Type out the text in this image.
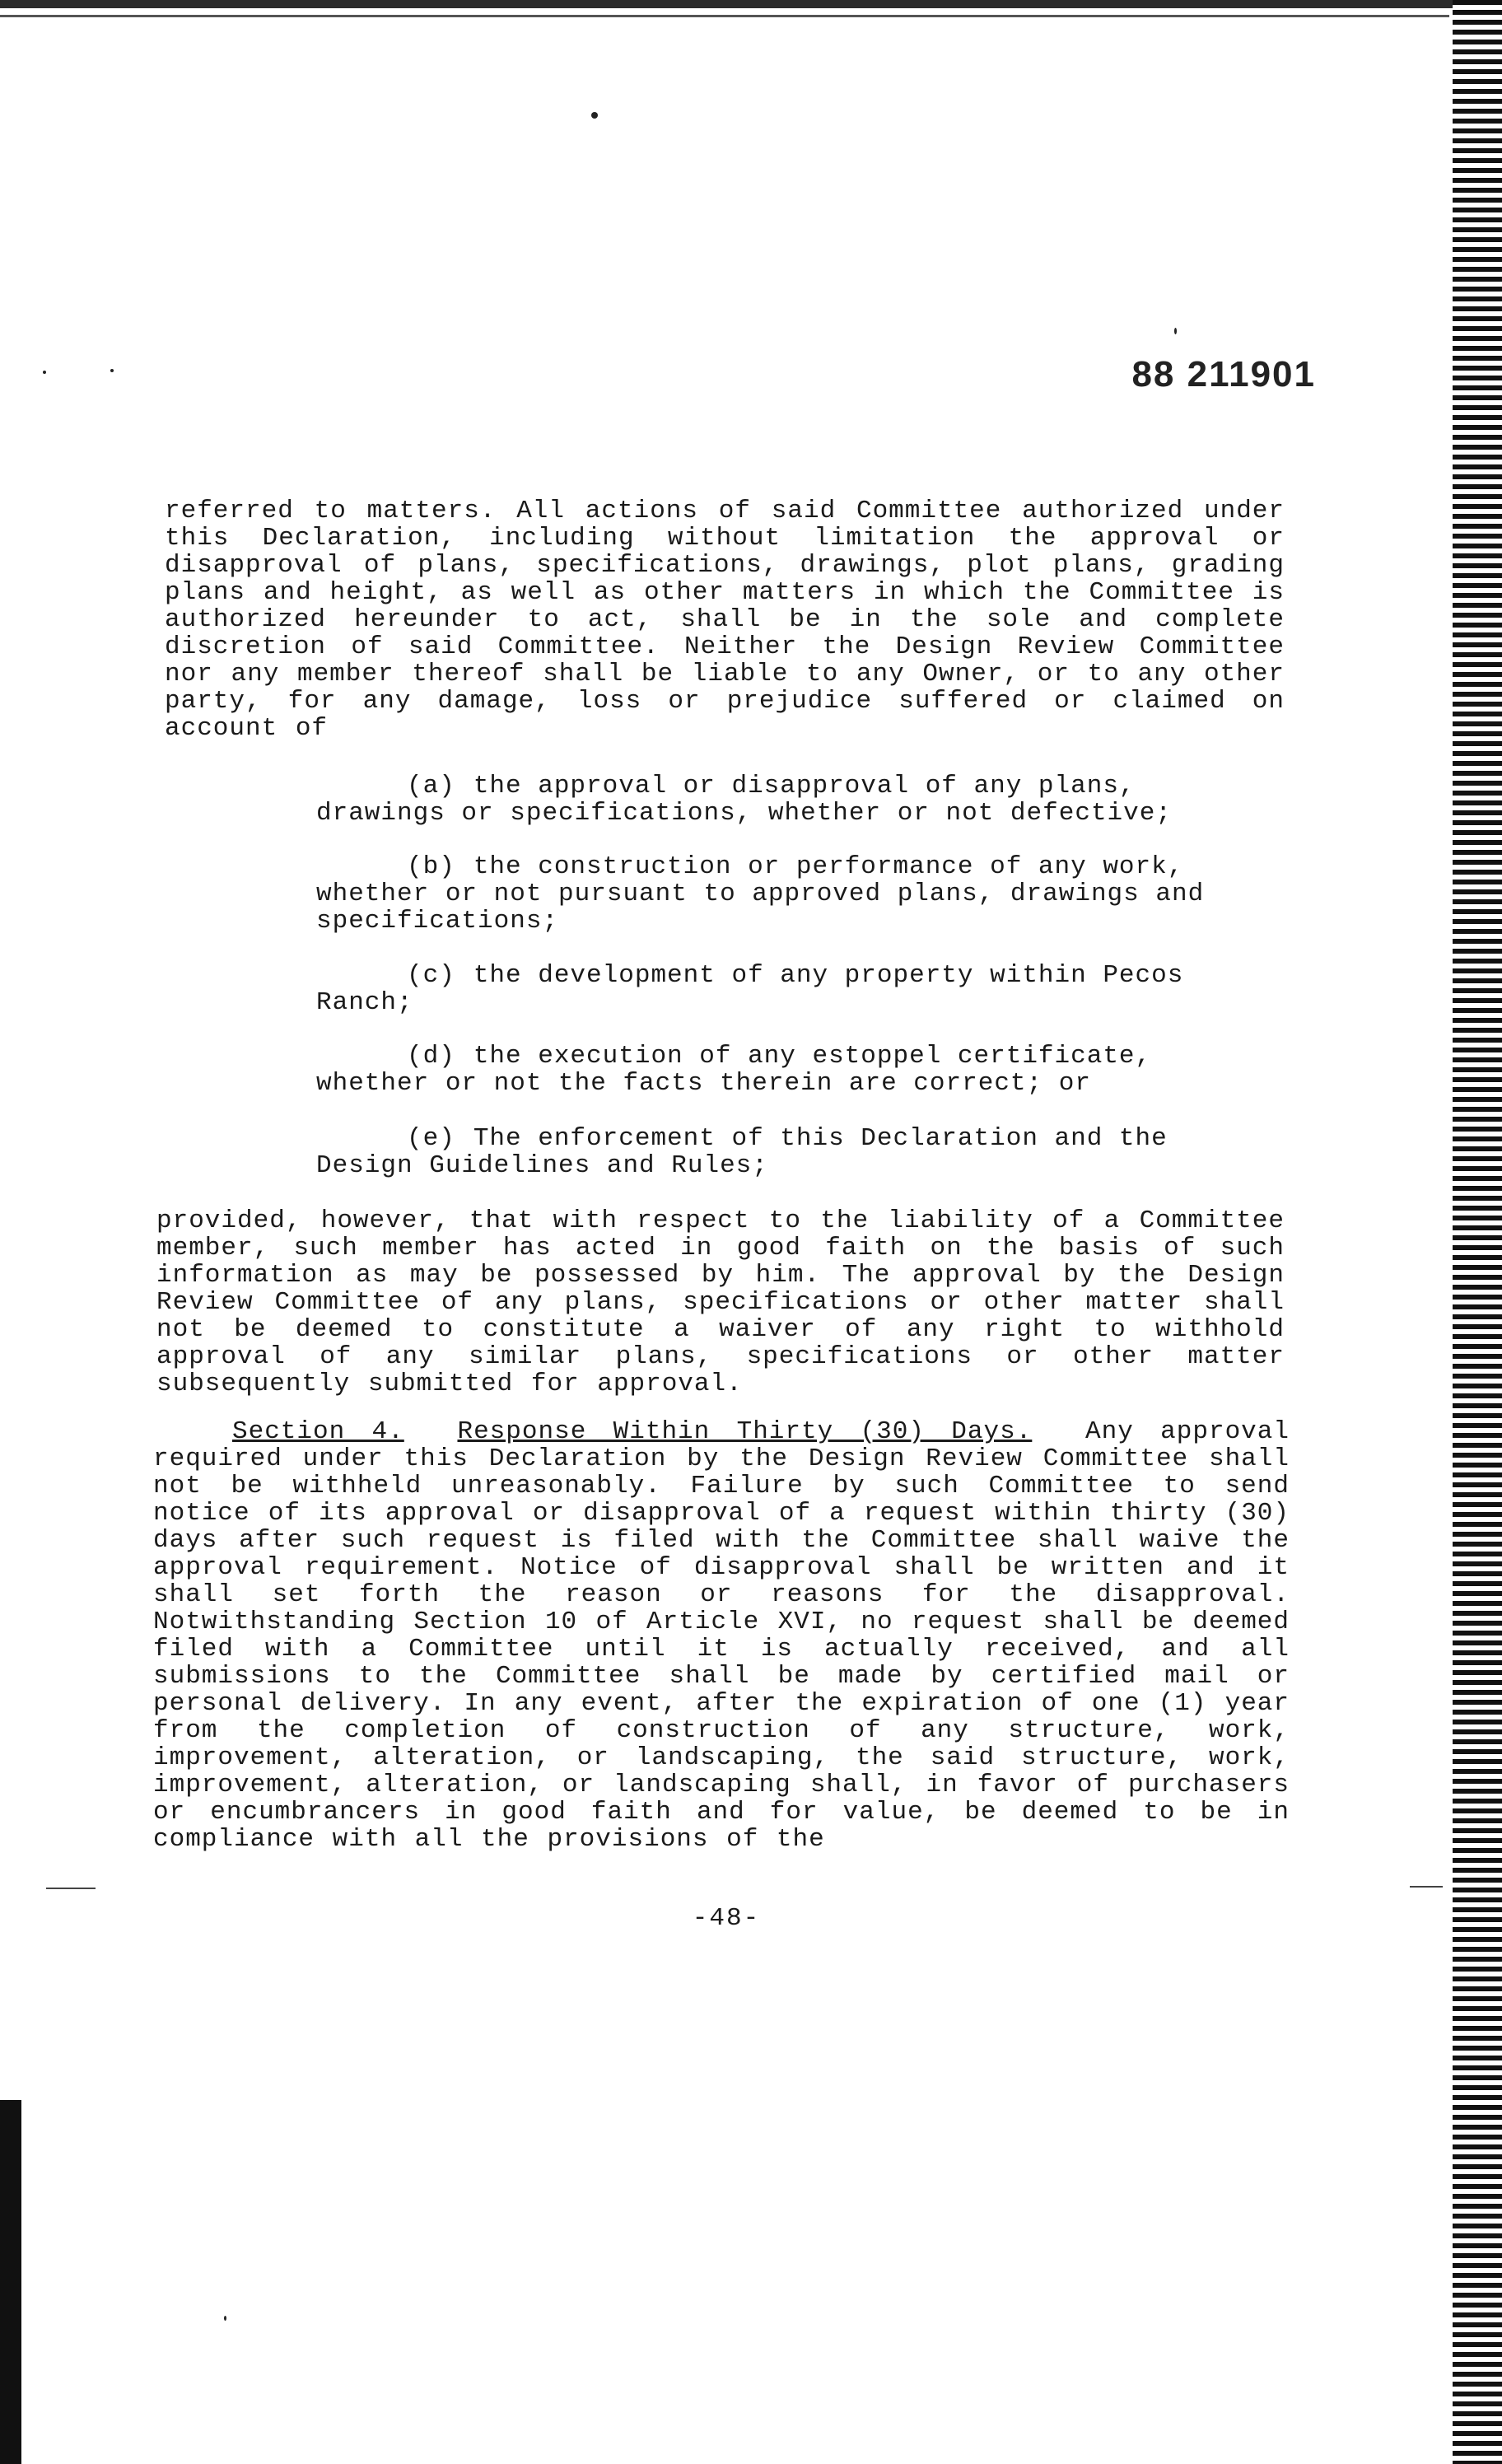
88 211901

referred to matters. All actions of said Committee authorized under this Declaration, including without limitation the approval or disapproval of plans, specifications, drawings, plot plans, grading plans and height, as well as other matters in which the Committee is authorized hereunder to act, shall be in the sole and complete discretion of said Committee. Neither the Design Review Committee nor any member thereof shall be liable to any Owner, or to any other party, for any damage, loss or prejudice suffered or claimed on account of

(a) the approval or disapproval of any plans, drawings or specifications, whether or not defective;

(b) the construction or performance of any work, whether or not pursuant to approved plans, drawings and specifications;

(c) the development of any property within Pecos Ranch;

(d) the execution of any estoppel certificate, whether or not the facts therein are correct; or

(e) The enforcement of this Declaration and the Design Guidelines and Rules;

provided, however, that with respect to the liability of a Committee member, such member has acted in good faith on the basis of such information as may be possessed by him. The approval by the Design Review Committee of any plans, specifications or other matter shall not be deemed to constitute a waiver of any right to withhold approval of any similar plans, specifications or other matter subsequently submitted for approval.

Section 4. Response Within Thirty (30) Days. Any approval required under this Declaration by the Design Review Committee shall not be withheld unreasonably. Failure by such Committee to send notice of its approval or disapproval of a request within thirty (30) days after such request is filed with the Committee shall waive the approval requirement. Notice of disapproval shall be written and it shall set forth the reason or reasons for the disapproval. Notwithstanding Section 10 of Article XVI, no request shall be deemed filed with a Committee until it is actually received, and all submissions to the Committee shall be made by certified mail or personal delivery. In any event, after the expiration of one (1) year from the completion of construction of any structure, work, improvement, alteration, or landscaping, the said structure, work, improvement, alteration, or landscaping shall, in favor of purchasers or encumbrancers in good faith and for value, be deemed to be in compliance with all the provisions of the

-48-
